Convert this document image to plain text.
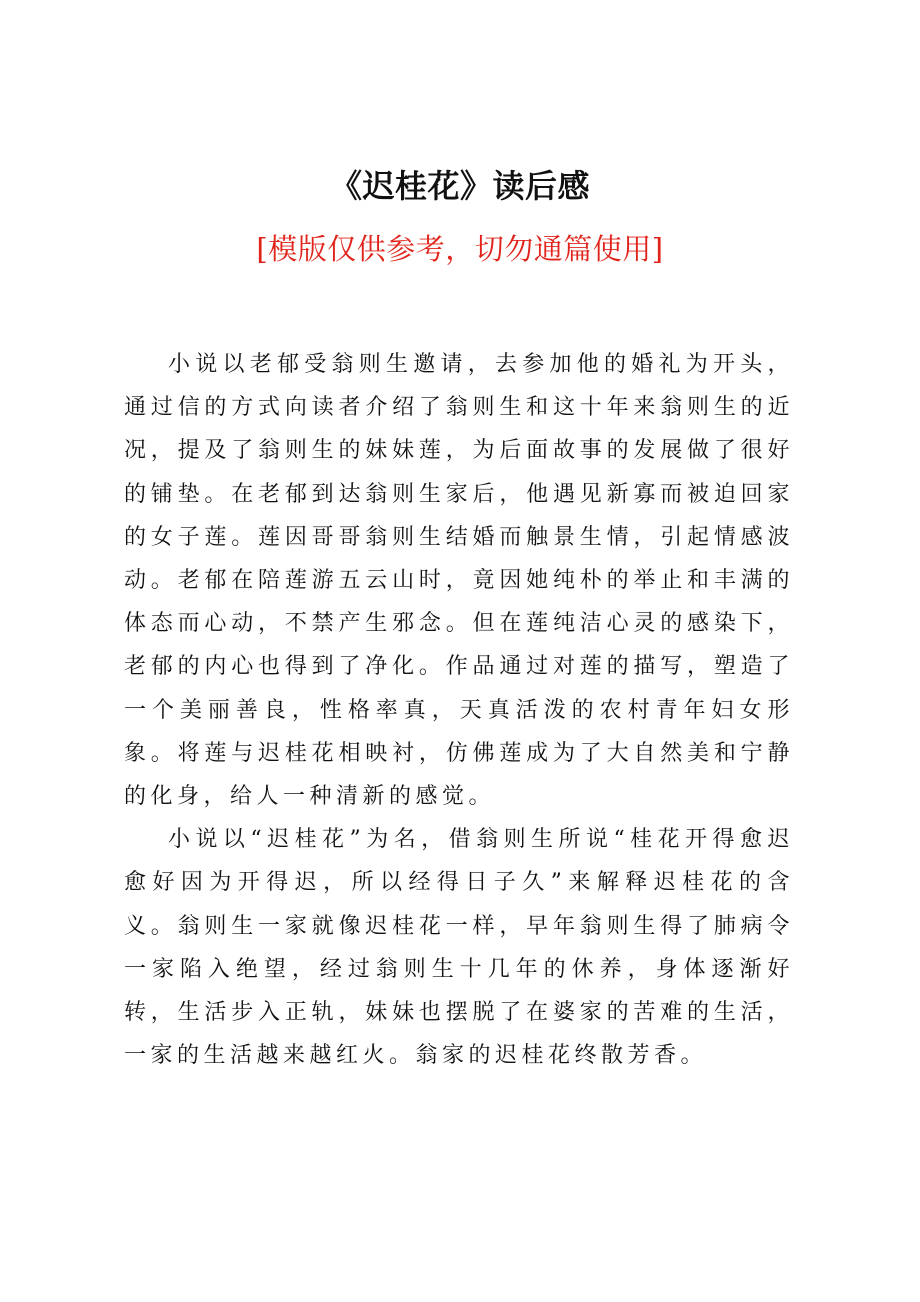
《迟桂花》读后感
[模版仅供参考，切勿通篇使用]

小说以老郁受翁则生邀请，去参加他的婚礼为开头，通过信的方式向读者介绍了翁则生和这十年来翁则生的近况，提及了翁则生的妹妹莲，为后面故事的发展做了很好的铺垫。在老郁到达翁则生家后，他遇见新寡而被迫回家的女子莲。莲因哥哥翁则生结婚而触景生情，引起情感波动。老郁在陪莲游五云山时，竟因她纯朴的举止和丰满的体态而心动，不禁产生邪念。但在莲纯洁心灵的感染下，老郁的内心也得到了净化。作品通过对莲的描写，塑造了一个美丽善良，性格率真，天真活泼的农村青年妇女形象。将莲与迟桂花相映衬，仿佛莲成为了大自然美和宁静的化身，给人一种清新的感觉。

小说以“迟桂花”为名，借翁则生所说“桂花开得愈迟愈好因为开得迟，所以经得日子久”来解释迟桂花的含义。翁则生一家就像迟桂花一样，早年翁则生得了肺病令一家陷入绝望，经过翁则生十几年的休养，身体逐渐好转，生活步入正轨，妹妹也摆脱了在婆家的苦难的生活，一家的生活越来越红火。翁家的迟桂花终散芳香。
